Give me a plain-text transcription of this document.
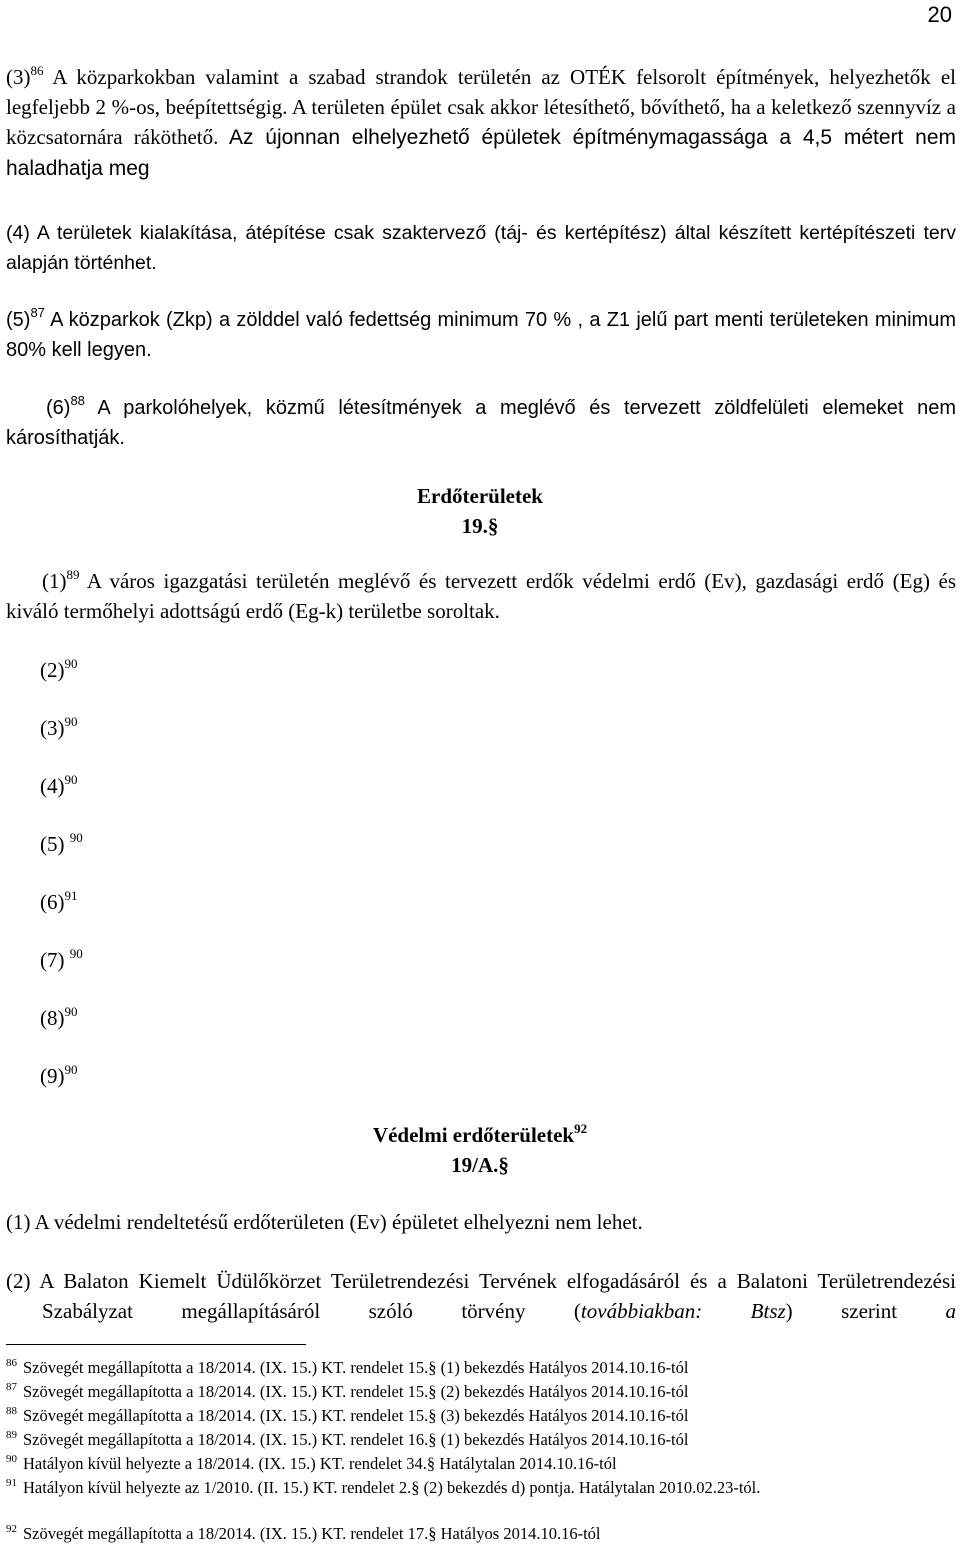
20
$(3)^{86}$ A közparkokban valamint a szabad strandok területén az OTÉK felsorolt építmények, helyezhetők el legfeljebb 2 %-os, beépítettségig. A területen épület csak akkor létesíthető, bővíthető, ha a keletkező szennyvíz a közcsatornára ráköthető. Az újonnan elhelyezhető épületek építménymagassága a 4,5 métert nem haladhatja meg
(4) A területek kialakítása, átépítése csak szaktervező (táj- és kertépítész) által készített kertépítészeti terv alapján történhet.
$(5)^{87}$ A közparkok (Zkp) a zölddel való fedettség minimum 70 % , a Z1 jelű part menti területeken minimum 80% kell legyen.
$(6)^{88}$ A parkolóhelyek, közmű létesítmények a meglévő és tervezett zöldfelületi elemeket nem károsíthatják.
Erdőterületek
19.§
$(1)^{89}$ A város igazgatási területén meglévő és tervezett erdők védelmi erdő (Ev), gazdasági erdő (Eg) és kiváló termőhelyi adottságú erdő (Eg-k) területbe soroltak.
$(2)^{90}$
$(3)^{90}$
$(4)^{90}$
(5) $^{90}$
$(6)^{91}$
(7) $^{90}$
$(8)^{90}$
$(9)^{90}$
Védelmi erdőterületek$^{92}$
19/A.§
(1) A védelmi rendeltetésű erdőterületen (Ev) épületet elhelyezni nem lehet.
(2) A Balaton Kiemelt Üdülőkörzet Területrendezési Tervének elfogadásáról és a Balatoni Területrendezési Szabályzat megállapításáról szóló törvény (továbbiakban: Btsz) szerint a
$^{86}$ Szövegét megállapította a 18/2014. (IX. 15.) KT. rendelet 15.§ (1) bekezdés Hatályos 2014.10.16-tól
$^{87}$ Szövegét megállapította a 18/2014. (IX. 15.) KT. rendelet 15.§ (2) bekezdés Hatályos 2014.10.16-tól
$^{88}$ Szövegét megállapította a 18/2014. (IX. 15.) KT. rendelet 15.§ (3) bekezdés Hatályos 2014.10.16-tól
$^{89}$ Szövegét megállapította a 18/2014. (IX. 15.) KT. rendelet 16.§ (1) bekezdés Hatályos 2014.10.16-tól
$^{90}$ Hatályon kívül helyezte a 18/2014. (IX. 15.) KT. rendelet 34.§ Hatálytalan 2014.10.16-tól
$^{91}$ Hatályon kívül helyezte az 1/2010. (II. 15.) KT. rendelet 2.§ (2) bekezdés d) pontja. Hatálytalan 2010.02.23-tól.
$^{92}$ Szövegét megállapította a 18/2014. (IX. 15.) KT. rendelet 17.§ Hatályos 2014.10.16-tól
